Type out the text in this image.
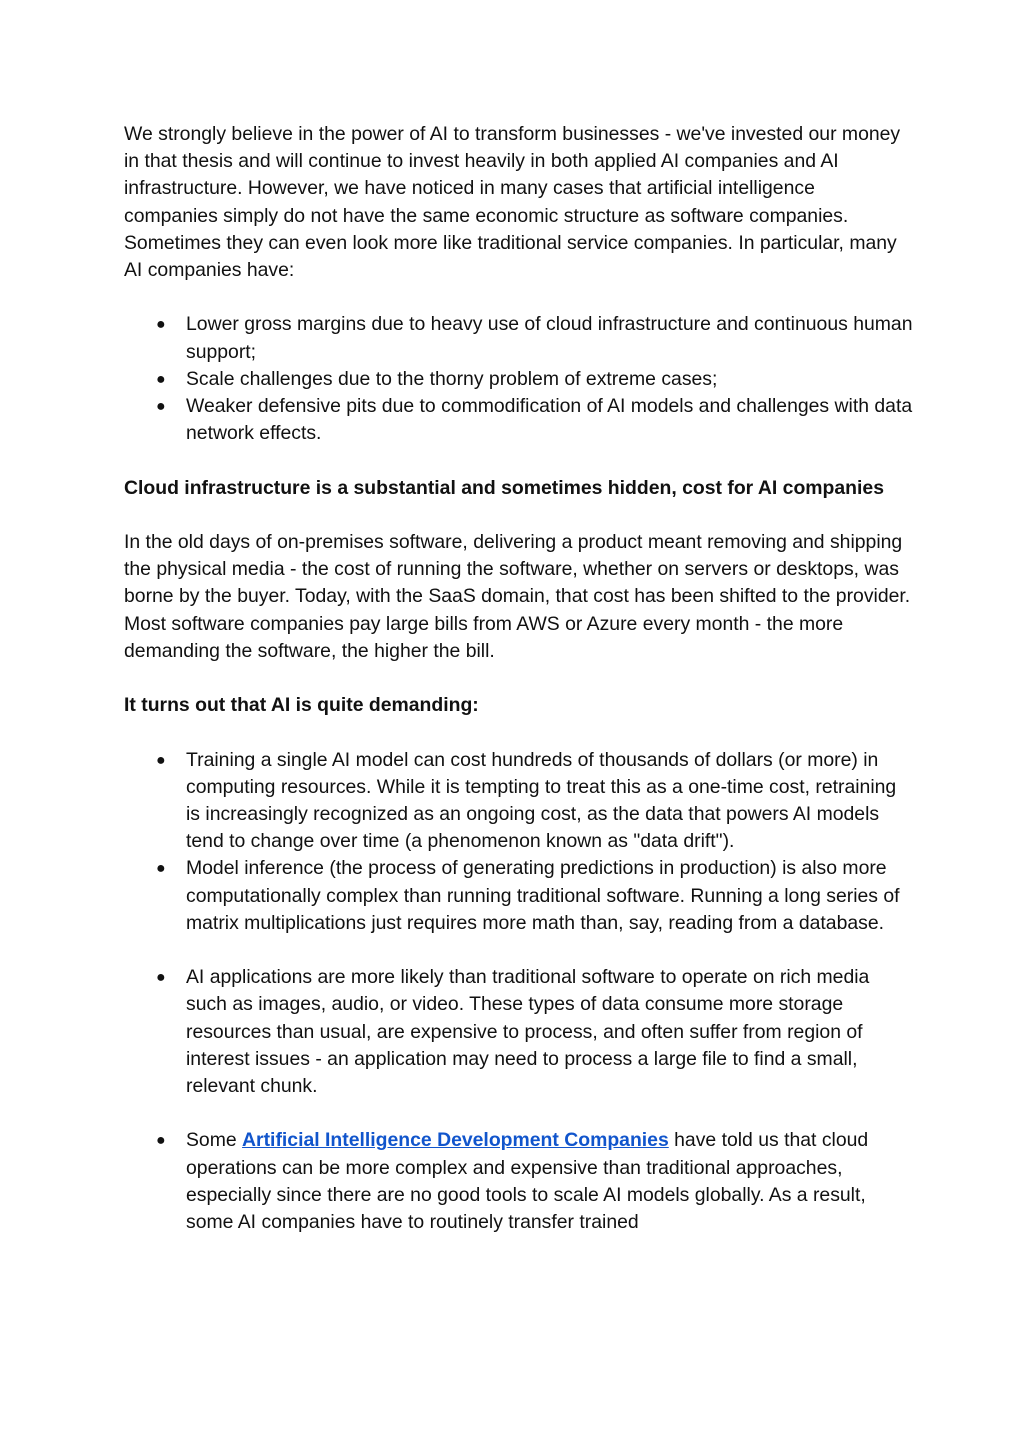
We strongly believe in the power of AI to transform businesses - we've invested our money in that thesis and will continue to invest heavily in both applied AI companies and AI infrastructure. However, we have noticed in many cases that artificial intelligence companies simply do not have the same economic structure as software companies. Sometimes they can even look more like traditional service companies. In particular, many AI companies have:

● Lower gross margins due to heavy use of cloud infrastructure and continuous human support;
● Scale challenges due to the thorny problem of extreme cases;
● Weaker defensive pits due to commodification of AI models and challenges with data network effects.

Cloud infrastructure is a substantial and sometimes hidden, cost for AI companies

In the old days of on-premises software, delivering a product meant removing and shipping the physical media - the cost of running the software, whether on servers or desktops, was borne by the buyer. Today, with the SaaS domain, that cost has been shifted to the provider. Most software companies pay large bills from AWS or Azure every month - the more demanding the software, the higher the bill.

It turns out that AI is quite demanding:

● Training a single AI model can cost hundreds of thousands of dollars (or more) in computing resources. While it is tempting to treat this as a one-time cost, retraining is increasingly recognized as an ongoing cost, as the data that powers AI models tend to change over time (a phenomenon known as "data drift").
● Model inference (the process of generating predictions in production) is also more computationally complex than running traditional software. Running a long series of matrix multiplications just requires more math than, say, reading from a database.
● AI applications are more likely than traditional software to operate on rich media such as images, audio, or video. These types of data consume more storage resources than usual, are expensive to process, and often suffer from region of interest issues - an application may need to process a large file to find a small, relevant chunk.
● Some Artificial Intelligence Development Companies have told us that cloud operations can be more complex and expensive than traditional approaches, especially since there are no good tools to scale AI models globally. As a result, some AI companies have to routinely transfer trained
